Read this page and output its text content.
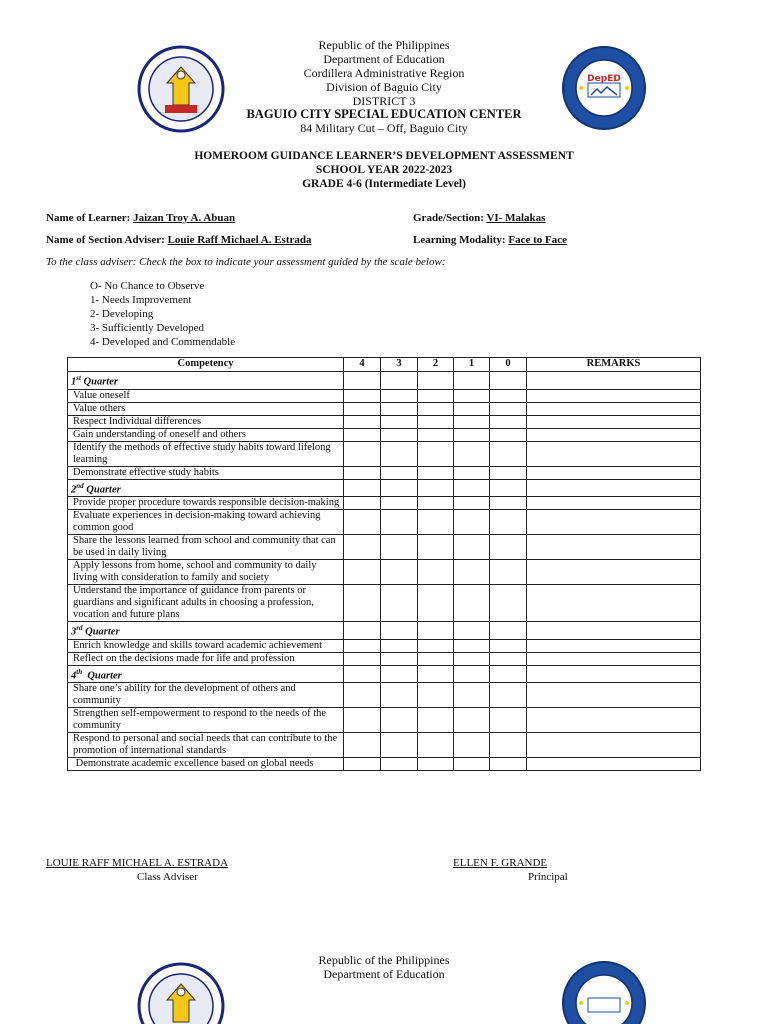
DepED
Republic of the Philippines
Department of Education
Cordillera Administrative Region
Division of Baguio City
DISTRICT 3
BAGUIO CITY SPECIAL EDUCATION CENTER
84 Military Cut – Off, Baguio City
HOMEROOM GUIDANCE LEARNER’S DEVELOPMENT ASSESSMENT
SCHOOL YEAR 2022-2023
GRADE 4-6 (Intermediate Level)
Name of Learner: Jaizan Troy A. Abuan	Grade/Section: VI- Malakas
Name of Section Adviser: Louie Raff Michael A. Estrada	Learning Modality: Face to Face
To the class adviser: Check the box to indicate your assessment guided by the scale below:
O- No Chance to Observe
1- Needs Improvement
2- Developing
3- Sufficiently Developed
4- Developed and Commendable
Competency	4	3	2	1	0	REMARKS
1st Quarter						
Value oneself						
Value others						
Respect Individual differences						
Gain understanding of oneself and others						
Identify the methods of effective study habits toward lifelong learning						
Demonstrate effective study habits						
2nd Quarter						
Provide proper procedure towards responsible decision-making						
Evaluate experiences in decision-making toward achieving common good						
Share the lessons learned from school and community that can be used in daily living						
Apply lessons from home, school and community to daily living with consideration to family and society						
Understand the importance of guidance from parents or guardians and significant adults in choosing a profession, vocation and future plans						
3rd Quarter						
Enrich knowledge and skills toward academic achievement						
Reflect on the decisions made for life and profession						
4th  Quarter						
Share one’s ability for the development of others and community						
Strengthen self-empowerment to respond to the needs of the community						
Respond to personal and social needs that can contribute to the promotion of international standards						
Demonstrate academic excellence based on global needs						
LOUIE RAFF MICHAEL A. ESTRADA
Class Adviser
ELLEN F. GRANDE
Principal
Republic of the Philippines
Department of Education
